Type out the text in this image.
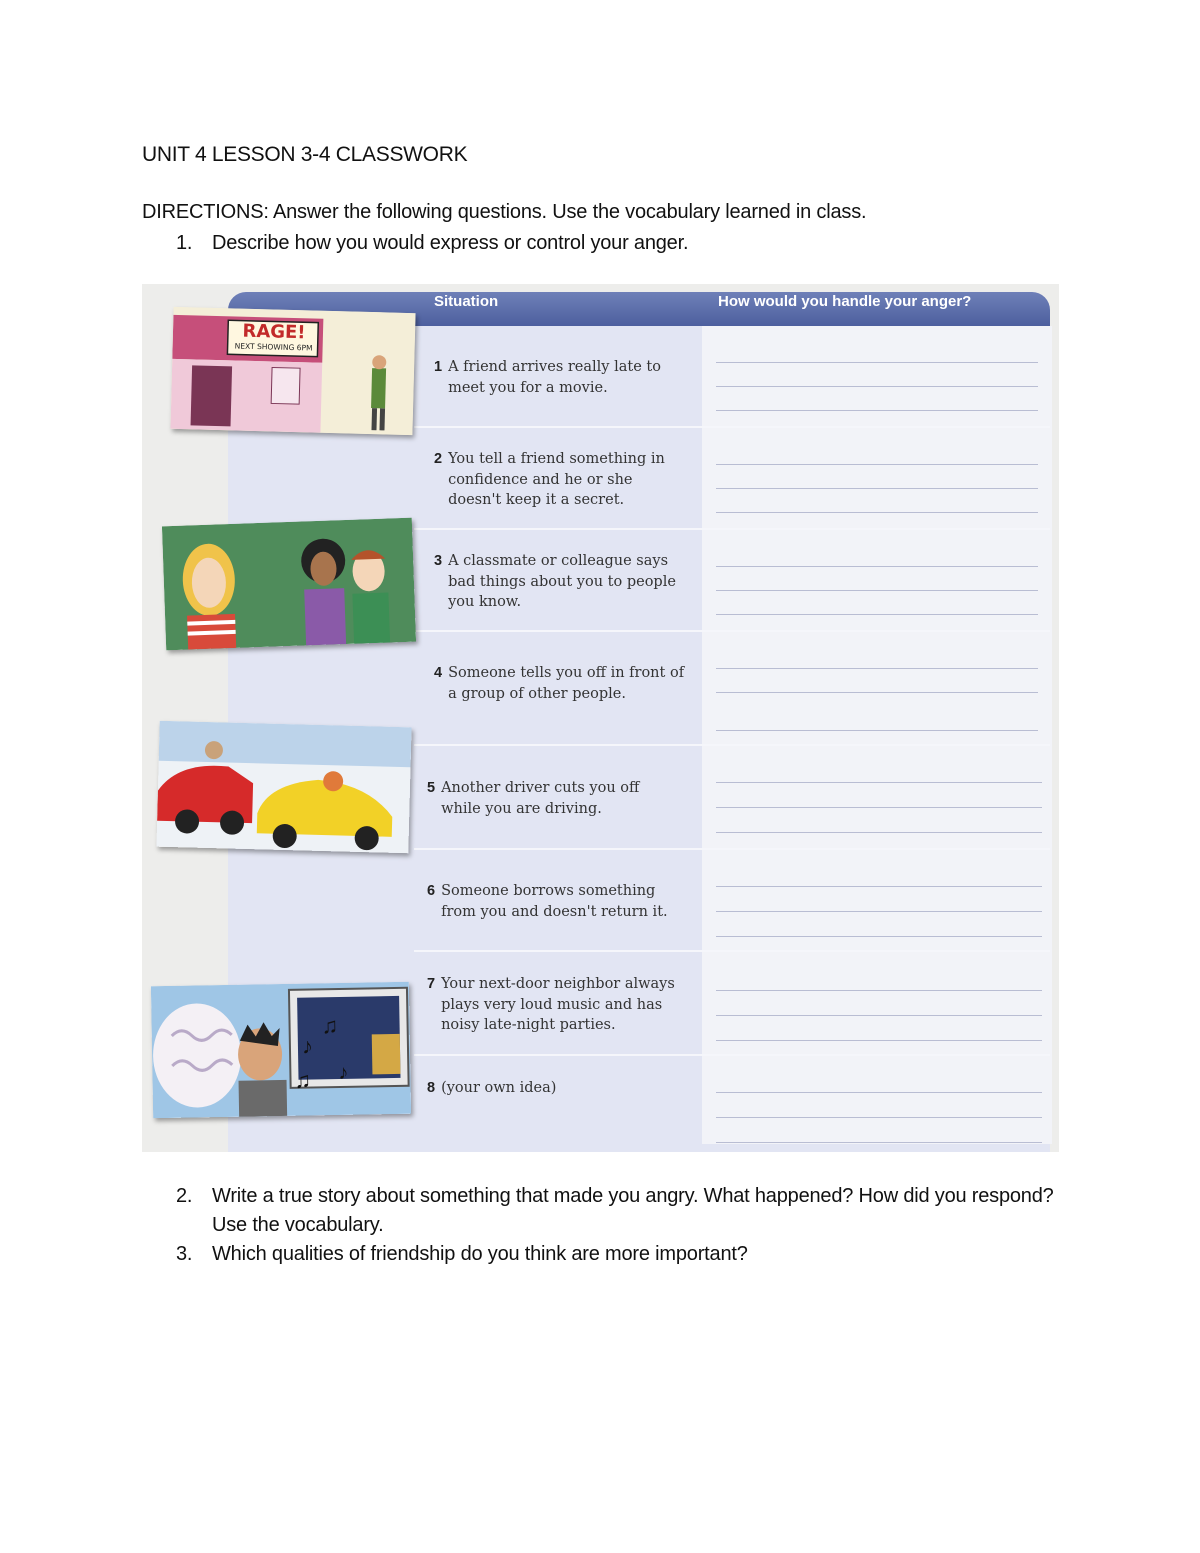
UNIT 4 LESSON 3-4 CLASSWORK
DIRECTIONS: Answer the following questions. Use the vocabulary learned in class.
1. Describe how you would express or control your anger.
Situation	How would you handle your anger?
1 A friend arrives really late to meet you for a movie.
2 You tell a friend something in confidence and he or she doesn't keep it a secret.
3 A classmate or colleague says bad things about you to people you know.
4 Someone tells you off in front of a group of other people.
5 Another driver cuts you off while you are driving.
6 Someone borrows something from you and doesn't return it.
7 Your next-door neighbor always plays very loud music and has noisy late-night parties.
8 (your own idea)
RAGE!
NEXT SHOWING 6PM
♪
♫
♫ ♪
2. Write a true story about something that made you angry. What happened? How did you respond? Use the vocabulary.
3. Which qualities of friendship do you think are more important?
